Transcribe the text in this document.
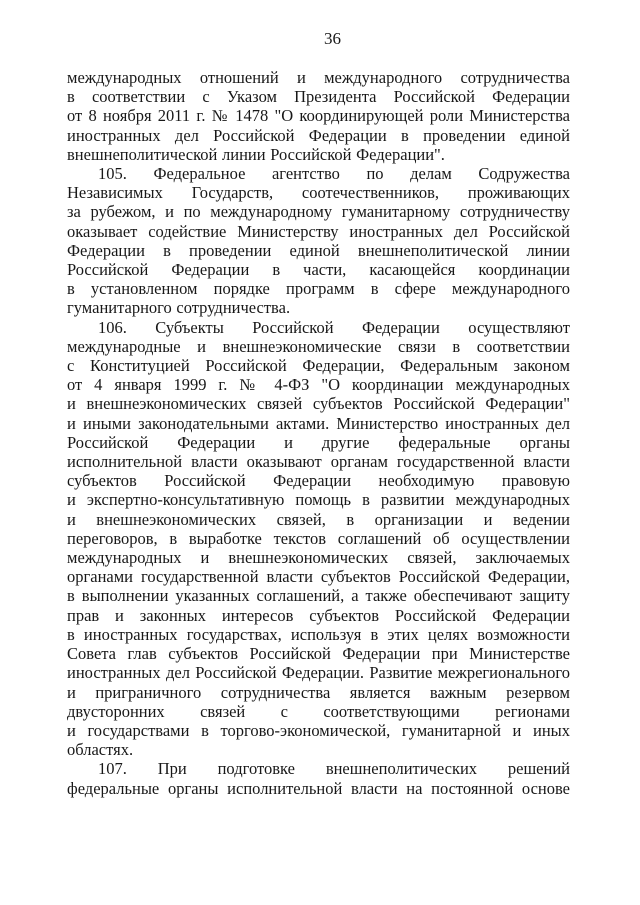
36
международных отношений и международного сотрудничества
в соответствии с Указом Президента Российской Федерации
от 8 ноября 2011 г. № 1478 "О координирующей роли Министерства
иностранных дел Российской Федерации в проведении единой
внешнеполитической линии Российской Федерации".
105. Федеральное агентство по делам Содружества
Независимых Государств, соотечественников, проживающих
за рубежом, и по международному гуманитарному сотрудничеству
оказывает содействие Министерству иностранных дел Российской
Федерации в проведении единой внешнеполитической линии
Российской Федерации в части, касающейся координации
в установленном порядке программ в сфере международного
гуманитарного сотрудничества.
106. Субъекты Российской Федерации осуществляют
международные и внешнеэкономические связи в соответствии
с Конституцией Российской Федерации, Федеральным законом
от 4 января 1999 г. № 4-ФЗ "О координации международных
и внешнеэкономических связей субъектов Российской Федерации"
и иными законодательными актами. Министерство иностранных дел
Российской Федерации и другие федеральные органы
исполнительной власти оказывают органам государственной власти
субъектов Российской Федерации необходимую правовую
и экспертно-консультативную помощь в развитии международных
и внешнеэкономических связей, в организации и ведении
переговоров, в выработке текстов соглашений об осуществлении
международных и внешнеэкономических связей, заключаемых
органами государственной власти субъектов Российской Федерации,
в выполнении указанных соглашений, а также обеспечивают защиту
прав и законных интересов субъектов Российской Федерации
в иностранных государствах, используя в этих целях возможности
Совета глав субъектов Российской Федерации при Министерстве
иностранных дел Российской Федерации. Развитие межрегионального
и приграничного сотрудничества является важным резервом
двусторонних связей с соответствующими регионами
и государствами в торгово-экономической, гуманитарной и иных
областях.
107. При подготовке внешнеполитических решений
федеральные органы исполнительной власти на постоянной основе
